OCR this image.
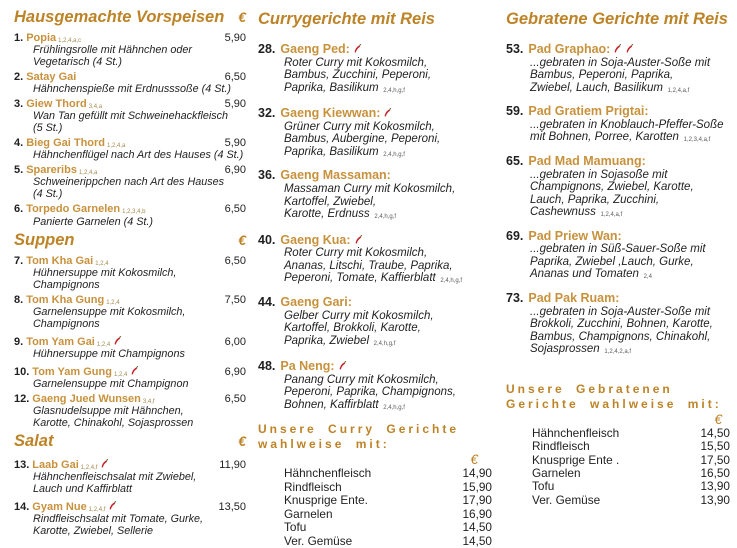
Hausgemachte Vorspeisen €
1. Popia 1,2,4,a,c	5,90
Frühlingsrolle mit Hähnchen oder
Vegetarisch (4 St.)
2. Satay Gai	6,50
Hähnchenspieße mit Erdnusssoße (4 St.)
3. Giew Thord 3,4,a	5,90
Wan Tan gefüllt mit Schweinehackfleisch
(5 St.)
4. Bieg Gai Thord 1,2,4,a	5,90
Hähnchenflügel nach Art des Hauses (4 St.)
5. Spareribs 1,2,4,a	6,90
Schweinerippchen nach Art des Hauses
(4 St.)
6. Torpedo Garnelen 1,2,3,4,b	6,50
Panierte Garnelen (4 St.)
Suppen	€
7. Tom Kha Gai 1,2,4	6,50
Hühnersuppe mit Kokosmilch,
Champignons
8. Tom Kha Gung 1,2,4	7,50
Garnelensuppe mit Kokosmilch,
Champignons
9. Tom Yam Gai 1,2,4	6,00
Hühnersuppe mit Champignons
10. Tom Yam Gung 1,2,4	6,90
Garnelensuppe mit Champignon
12. Gaeng Jued Wunsen 3,4,f	6,50
Glasnudelsuppe mit Hähnchen,
Karotte, Chinakohl, Sojasprossen
Salat	€
13. Laab Gai 1,2,4,f	11,90
Hähnchenfleischsalat mit Zwiebel,
Lauch und Kaffirblatt
14. Gyam Nue 1,2,4,f	13,50
Rindfleischsalat mit Tomate, Gurke,
Karotte, Zwiebel, Sellerie
Currygerichte mit Reis
28. Gaeng Ped:
Roter Curry mit Kokosmilch,
Bambus, Zucchini, Peperoni,
Paprika, Basilikum 2,4,h,g,f
32. Gaeng Kiewwan:
Grüner Curry mit Kokosmilch,
Bambus, Aubergine, Peperoni,
Paprika, Basilikum 2,4,h,g,f
36. Gaeng Massaman:
Massaman Curry mit Kokosmilch,
Kartoffel, Zwiebel,
Karotte, Erdnuss 2,4,h,g,f
40. Gaeng Kua:
Roter Curry mit Kokosmilch,
Ananas, Litschi, Traube, Paprika,
Peperoni, Tomate, Kaffierblatt 2,4,h,g,f
44. Gaeng Gari:
Gelber Curry mit Kokosmilch,
Kartoffel, Brokkoli, Karotte,
Paprika, Zwiebel 2,4,h,g,f
48. Pa Neng:
Panang Curry mit Kokosmilch,
Peperoni, Paprika, Champignons,
Bohnen, Kaffirblatt 2,4,h,g,f
Unsere Curry Gerichte
wahlweise mit:
€
Hähnchenfleisch	14,90
Rindfleisch	15,90
Knusprige Ente.	17,90
Garnelen	16,90
Tofu	14,50
Ver. Gemüse	14,50
Gebratene Gerichte mit Reis
53. Pad Graphao:
...gebraten in Soja-Auster-Soße mit
Bambus, Peperoni, Paprika,
Zwiebel, Lauch, Basilikum 1,2,4,a,f
59. Pad Gratiem Prigtai:
...gebraten in Knoblauch-Pfeffer-Soße
mit Bohnen, Porree, Karotten 1,2,3,4,a,f
65. Pad Mad Mamuang:
...gebraten in Sojasoße mit
Champignons, Zwiebel, Karotte,
Lauch, Paprika, Zucchini,
Cashewnuss 1,2,4,a,f
69. Pad Priew Wan:
...gebraten in Süß-Sauer-Soße mit
Paprika, Zwiebel ,Lauch, Gurke,
Ananas und Tomaten 2,4
73. Pad Pak Ruam:
...gebraten in Soja-Auster-Soße mit
Brokkoli, Zucchini, Bohnen, Karotte,
Bambus, Champignons, Chinakohl,
Sojasprossen 1,2,4,2,a,f
Unsere Gebratenen
Gerichte wahlweise mit:
€
Hähnchenfleisch	14,50
Rindfleisch	15,50
Knusprige Ente .	17,50
Garnelen	16,50
Tofu	13,90
Ver. Gemüse	13,90
